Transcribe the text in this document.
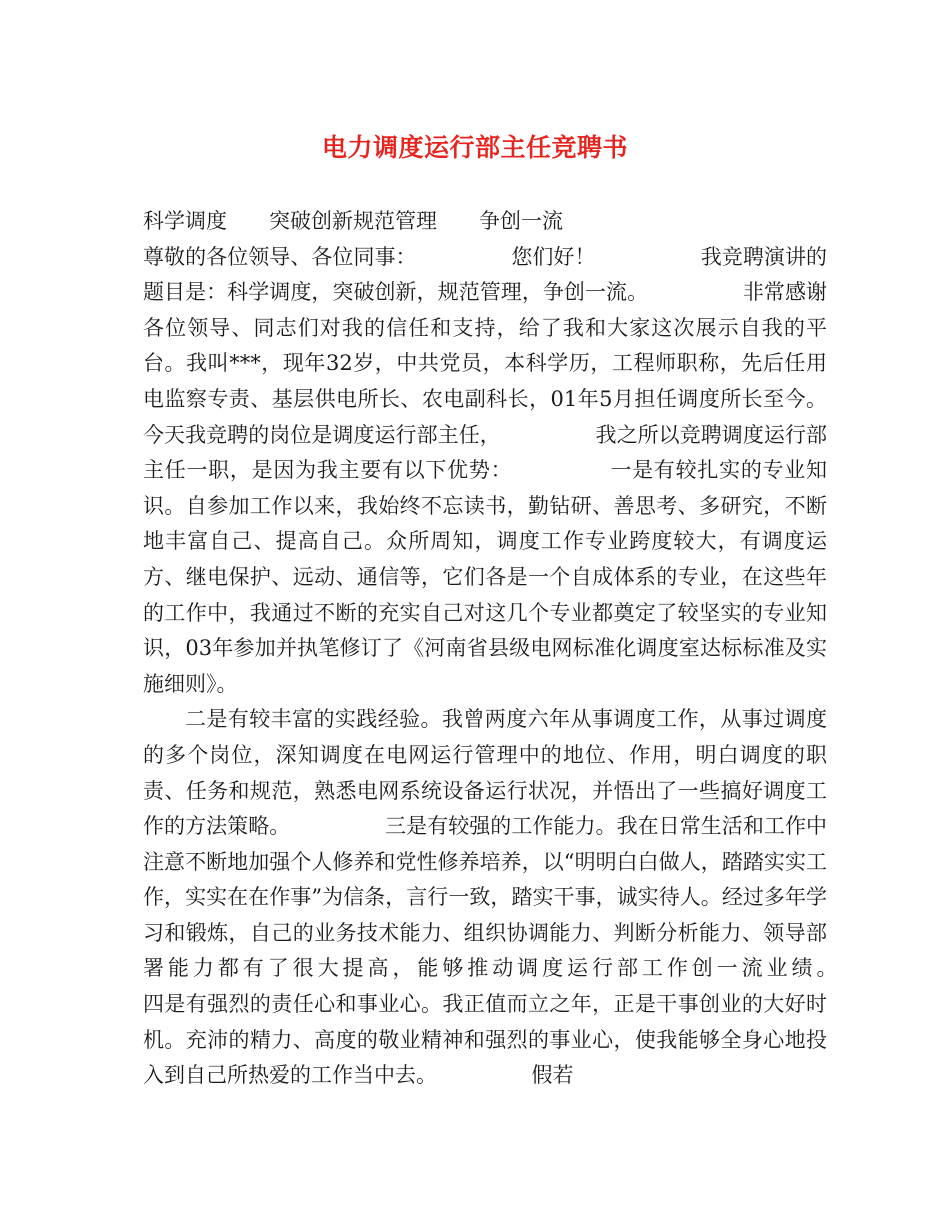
电力调度运行部主任竞聘书

科学调度　　突破创新规范管理　　争创一流

尊敬的各位领导、各位同事：　　　　　您们好！　　　　　我竞聘演讲的题目是：科学调度，突破创新，规范管理，争创一流。　　　　　非常感谢各位领导、同志们对我的信任和支持，给了我和大家这次展示自我的平台。我叫***，现年32岁，中共党员，本科学历，工程师职称，先后任用电监察专责、基层供电所长、农电副科长，01年5月担任调度所长至今。今天我竞聘的岗位是调度运行部主任，　　　　　我之所以竞聘调度运行部主任一职，是因为我主要有以下优势：　　　　　一是有较扎实的专业知识。自参加工作以来，我始终不忘读书，勤钻研、善思考、多研究，不断地丰富自己、提高自己。众所周知，调度工作专业跨度较大，有调度运方、继电保护、远动、通信等，它们各是一个自成体系的专业，在这些年的工作中，我通过不断的充实自己对这几个专业都奠定了较坚实的专业知识，03年参加并执笔修订了《河南省县级电网标准化调度室达标标准及实施细则》。

二是有较丰富的实践经验。我曾两度六年从事调度工作，从事过调度的多个岗位，深知调度在电网运行管理中的地位、作用，明白调度的职责、任务和规范，熟悉电网系统设备运行状况，并悟出了一些搞好调度工作的方法策略。　　　　　三是有较强的工作能力。我在日常生活和工作中注意不断地加强个人修养和党性修养培养，以“明明白白做人，踏踏实实工作，实实在在作事”为信条，言行一致，踏实干事，诚实待人。经过多年学习和锻炼，自己的业务技术能力、组织协调能力、判断分析能力、领导部署能力都有了很大提高，能够推动调度运行部工作创一流业绩。　　　　　四是有强烈的责任心和事业心。我正值而立之年，正是干事创业的大好时机。充沛的精力、高度的敬业精神和强烈的事业心，使我能够全身心地投入到自己所热爱的工作当中去。　　　　　假若
